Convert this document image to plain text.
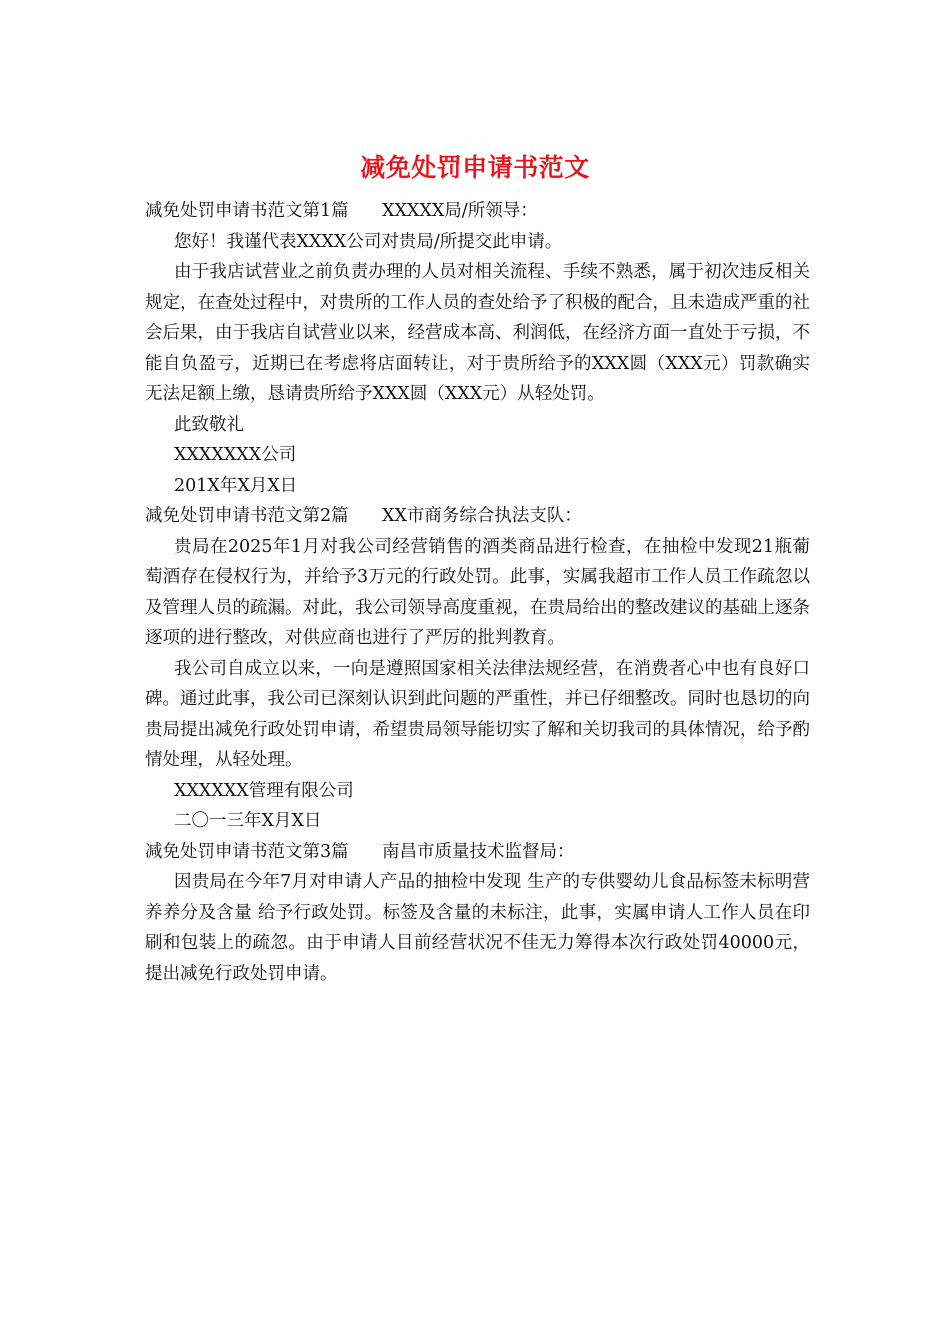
减免处罚申请书范文

减免处罚申请书范文第1篇      XXXXX局/所领导：

您好！我谨代表XXXX公司对贵局/所提交此申请。

由于我店试营业之前负责办理的人员对相关流程、手续不熟悉，属于初次违反相关规定，在查处过程中，对贵所的工作人员的查处给予了积极的配合，且未造成严重的社会后果，由于我店自试营业以来，经营成本高、利润低，在经济方面一直处于亏损，不能自负盈亏，近期已在考虑将店面转让，对于贵所给予的XXX圆（XXX元）罚款确实无法足额上缴，恳请贵所给予XXX圆（XXX元）从轻处罚。

此致敬礼

XXXXXXX公司

201X年X月X日

减免处罚申请书范文第2篇      XX市商务综合执法支队：

贵局在2025年1月对我公司经营销售的酒类商品进行检查，在抽检中发现21瓶葡萄酒存在侵权行为，并给予3万元的行政处罚。此事，实属我超市工作人员工作疏忽以及管理人员的疏漏。对此，我公司领导高度重视，在贵局给出的整改建议的基础上逐条逐项的进行整改，对供应商也进行了严厉的批判教育。

我公司自成立以来，一向是遵照国家相关法律法规经营，在消费者心中也有良好口碑。通过此事，我公司已深刻认识到此问题的严重性，并已仔细整改。同时也恳切的向贵局提出减免行政处罚申请，希望贵局领导能切实了解和关切我司的具体情况，给予酌情处理，从轻处理。

XXXXXX管理有限公司

二〇一三年X月X日

减免处罚申请书范文第3篇      南昌市质量技术监督局：

因贵局在今年7月对申请人产品的抽检中发现 生产的专供婴幼儿食品标签未标明营养养分及含量 给予行政处罚。标签及含量的未标注，此事，实属申请人工作人员在印刷和包装上的疏忽。由于申请人目前经营状况不佳无力筹得本次行政处罚40000元，提出减免行政处罚申请。
